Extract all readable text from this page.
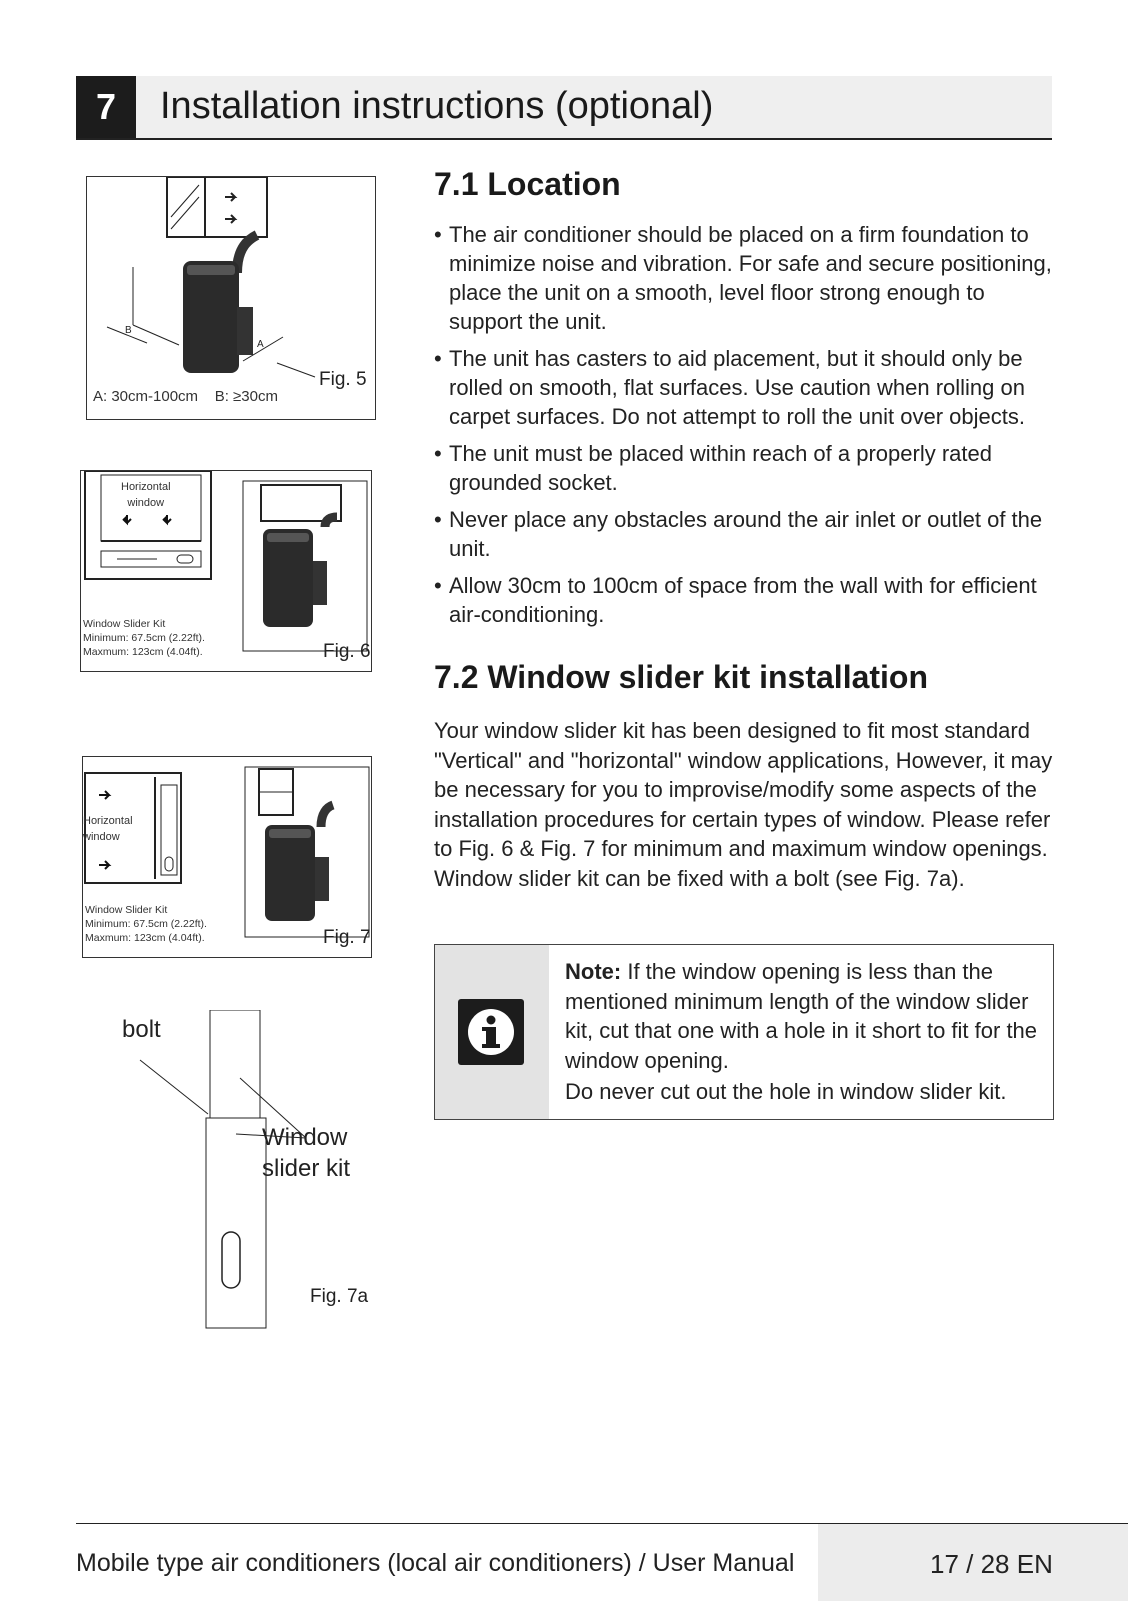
7	Installation instructions (optional)
B
A
Fig. 5
A: 30cm-100cm    B: ≥30cm
Horizontal
window
Window Slider Kit
Minimum: 67.5cm (2.22ft).
Maxmum: 123cm (4.04ft).	Fig. 6
Horizontal
window
Window Slider Kit
Minimum: 67.5cm (2.22ft).
Maxmum: 123cm (4.04ft).	Fig. 7
bolt
Window
slider kit
Fig. 7a
7.1 Location
• The air conditioner should be placed on a firm foundation to minimize noise and vibration. For safe and secure positioning, place the unit on a smooth, level floor strong enough to support the unit.
• The unit has casters to aid placement, but it should only be rolled on smooth, flat surfaces. Use caution when rolling on carpet surfaces. Do not attempt to roll the unit over objects.
• The unit must be placed within reach of a properly rated grounded socket.
• Never place any obstacles around the air inlet or outlet of the unit.
• Allow 30cm to 100cm of space from the wall with for efficient air-conditioning.
7.2 Window slider kit installation

Your window slider kit has been designed to fit most standard "Vertical" and "horizontal" window applications, However, it may be necessary for you to improvise/modify some aspects of the installation procedures for certain types of window. Please refer to Fig. 6 & Fig. 7 for minimum and maximum window openings. Window slider kit can be fixed with a bolt (see Fig. 7a).

Note: If the window opening is less than the mentioned minimum length of the window slider kit, cut that one with a hole in it short to fit for the window opening.
Do never cut out the hole in window slider kit.
Mobile type air conditioners (local air conditioners) / User Manual	17 / 28 EN
